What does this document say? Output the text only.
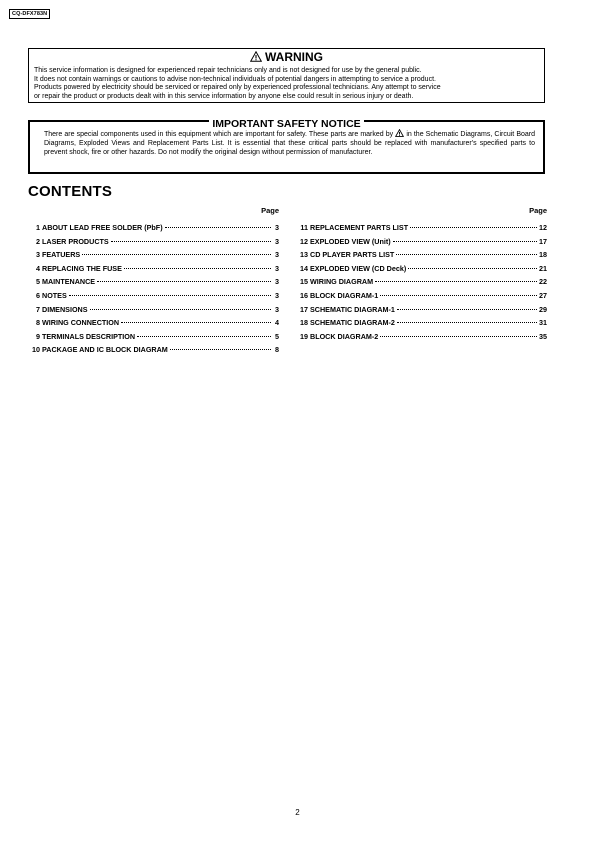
CQ-DFX783N
WARNING
This service information is designed for experienced repair technicians only and is not designed for use by the general public.
It does not contain warnings or cautions to advise non-technical individuals of potential dangers in attempting to service a product.
Products powered by electricity should be serviced or repaired only by experienced professional technicians. Any attempt to service
or repair the product or products dealt with in this service information by anyone else could result in serious injury or death.
IMPORTANT SAFETY NOTICE
There are special components used in this equipment which are important for safety. These parts are marked by in the Schematic Diagrams, Circuit Board Diagrams, Exploded Views and Replacement Parts List. It is essential that these critical parts should be replaced with manufacturer's specified parts to prevent shock, fire or other hazards. Do not modify the original design without permission of manufacturer.
CONTENTS
Page
1 ABOUT LEAD FREE SOLDER (PbF)	3
2 LASER PRODUCTS	3
3 FEATUERS	3
4 REPLACING THE FUSE	3
5 MAINTENANCE	3
6 NOTES	3
7 DIMENSIONS	3
8 WIRING CONNECTION	4
9 TERMINALS DESCRIPTION	5
10 PACKAGE AND IC BLOCK DIAGRAM	8
Page
11 REPLACEMENT PARTS LIST	12
12 EXPLODED VIEW (Unit)	17
13 CD PLAYER PARTS LIST	18
14 EXPLODED VIEW (CD Deck)	21
15 WIRING DIAGRAM	22
16 BLOCK DIAGRAM-1	27
17 SCHEMATIC DIAGRAM-1	29
18 SCHEMATIC DIAGRAM-2	31
19 BLOCK DIAGRAM-2	35
2
